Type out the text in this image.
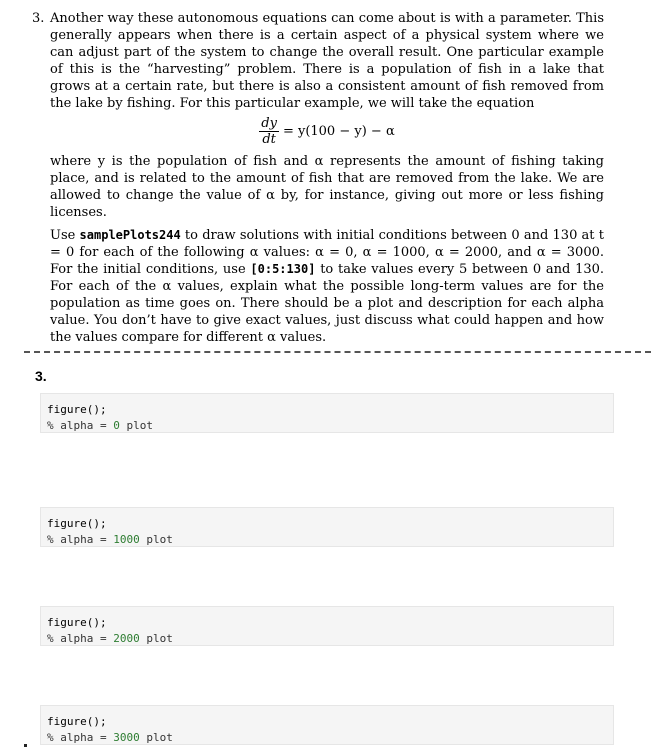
3. Another way these autonomous equations can come about is with a parameter. This generally appears when there is a certain aspect of a physical system where we can adjust part of the system to change the overall result. One particular example of this is the “harvesting” problem. There is a population of fish in a lake that grows at a certain rate, but there is also a consistent amount of fish removed from the lake by fishing. For this particular example, we will take the equation

$\frac{dy}{dt} = y(100 - y) - \alpha$

where y is the population of fish and α represents the amount of fishing taking place, and is related to the amount of fish that are removed from the lake. We are allowed to change the value of α by, for instance, giving out more or less fishing licenses.

Use samplePlots244 to draw solutions with initial conditions between 0 and 130 at t = 0 for each of the following α values: α = 0, α = 1000, α = 2000, and α = 3000. For the initial conditions, use [0:5:130] to take values every 5 between 0 and 130. For each of the α values, explain what the possible long-term values are for the population as time goes on. There should be a plot and description for each alpha value. You don’t have to give exact values, just discuss what could happen and how the values compare for different α values.

3.
figure();
% alpha = 0 plot
figure();
% alpha = 1000 plot
figure();
% alpha = 2000 plot
figure();
% alpha = 3000 plot
